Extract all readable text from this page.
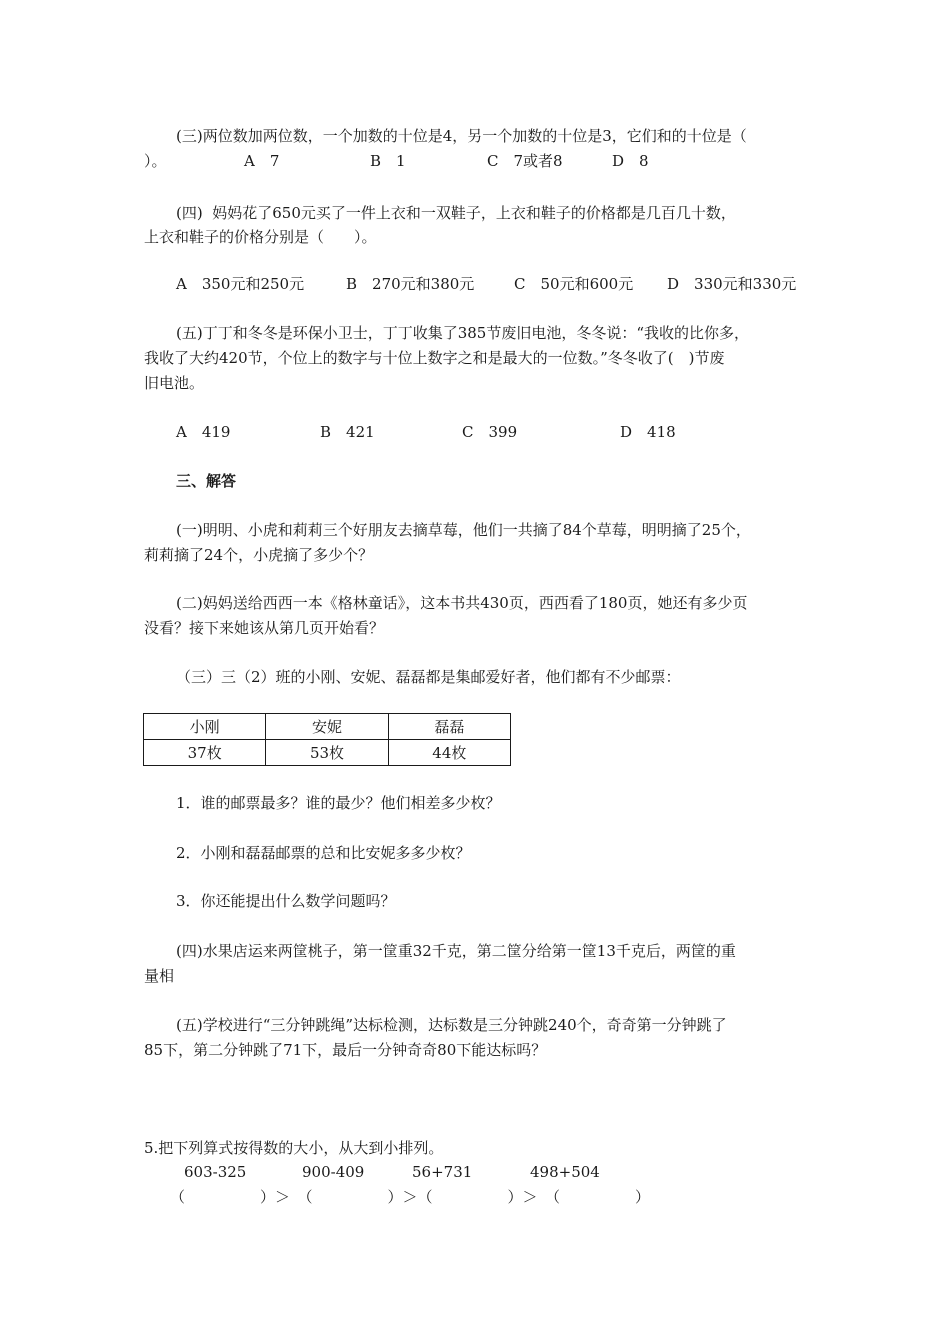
(三)两位数加两位数，一个加数的十位是4，另一个加数的十位是3，它们和的十位是（
）。	A　7	B　1	C　7或者8	D　8
(四)  妈妈花了650元买了一件上衣和一双鞋子，上衣和鞋子的价格都是几百几十数，
上衣和鞋子的价格分别是（　　）。
A　350元和250元	B　270元和380元	C　50元和600元 D　330元和330元
(五)丁丁和冬冬是环保小卫士，丁丁收集了385节废旧电池，冬冬说：“我收的比你多，
我收了大约420节，个位上的数字与十位上数字之和是最大的一位数。”冬冬收了(　)节废
旧电池。
A　419	B　421	C　399	D　418
三、解答
(一)明明、小虎和莉莉三个好朋友去摘草莓，他们一共摘了84个草莓，明明摘了25个，
莉莉摘了24个，小虎摘了多少个？
(二)妈妈送给西西一本《格林童话》，这本书共430页，西西看了180页，她还有多少页
没看？接下来她该从第几页开始看？
（三）三（2）班的小刚、安妮、磊磊都是集邮爱好者，他们都有不少邮票：
小刚	安妮	磊磊
37枚	53枚	44枚
1．谁的邮票最多？谁的最少？他们相差多少枚？
2．小刚和磊磊邮票的总和比安妮多多少枚？
3．你还能提出什么数学问题吗？
(四)水果店运来两筐桃子，第一筐重32千克，第二筐分给第一筐13千克后，两筐的重
量相
(五)学校进行“三分钟跳绳”达标检测，达标数是三分钟跳240个，奇奇第一分钟跳了
85下，第二分钟跳了71下，最后一分钟奇奇80下能达标吗？
5.把下列算式按得数的大小，从大到小排列。
603-325	900-409	56+731	498+504
（　　　　　）＞　（　　　　　）＞（　　　　　）＞　（　　　　　）
